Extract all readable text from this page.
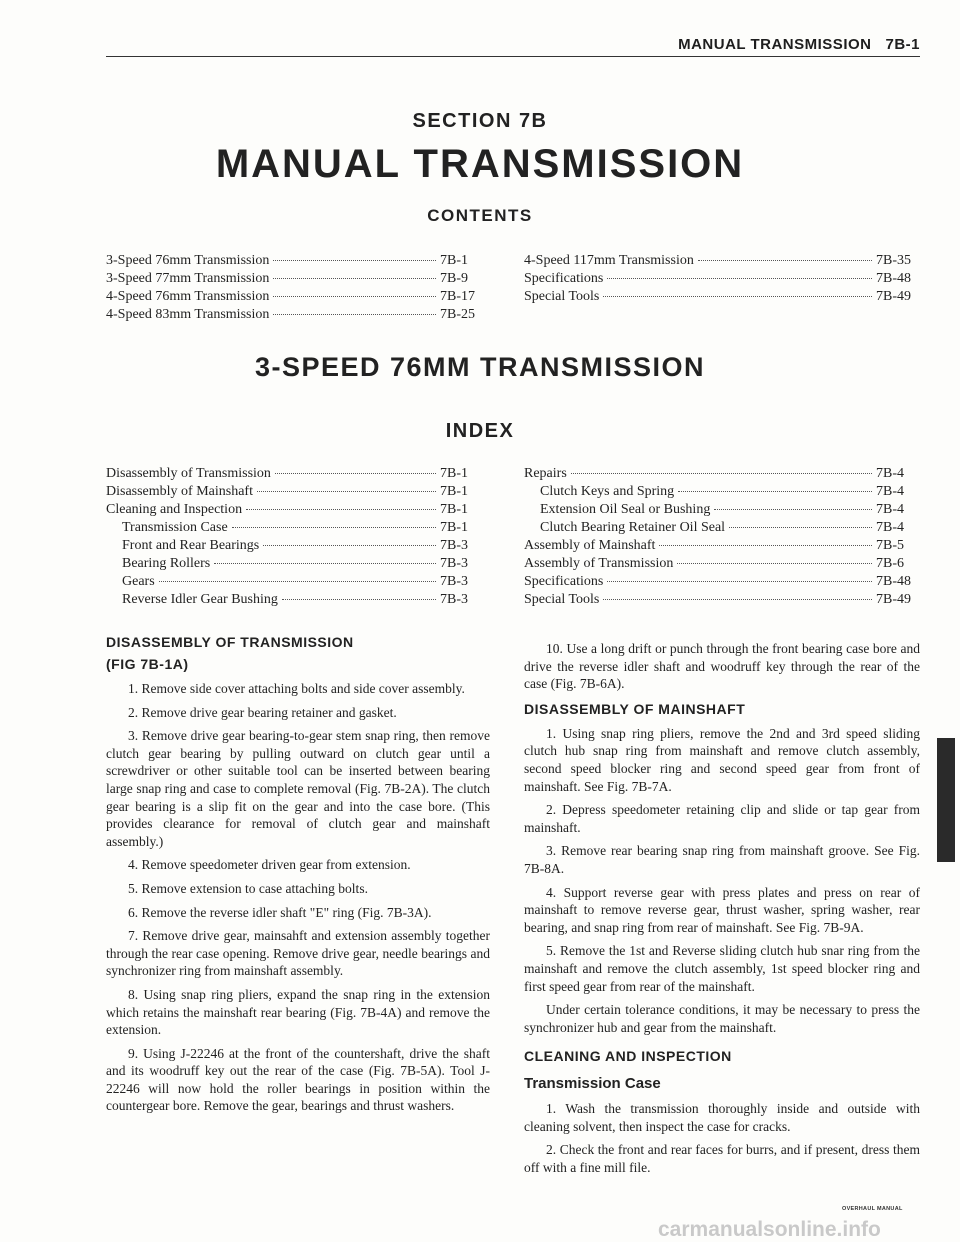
MANUAL TRANSMISSION 7B-1
SECTION 7B
MANUAL TRANSMISSION
CONTENTS
3-Speed 76mm Transmission	7B-1
3-Speed 77mm Transmission	7B-9
4-Speed 76mm Transmission	7B-17
4-Speed 83mm Transmission	7B-25
4-Speed 117mm Transmission	7B-35
Specifications	7B-48
Special Tools	7B-49
3-SPEED 76MM TRANSMISSION
INDEX
Disassembly of Transmission	7B-1
Disassembly of Mainshaft	7B-1
Cleaning and Inspection	7B-1
Transmission Case	7B-1
Front and Rear Bearings	7B-3
Bearing Rollers	7B-3
Gears	7B-3
Reverse Idler Gear Bushing	7B-3
Repairs	7B-4
Clutch Keys and Spring	7B-4
Extension Oil Seal or Bushing	7B-4
Clutch Bearing Retainer Oil Seal	7B-4
Assembly of Mainshaft	7B-5
Assembly of Transmission	7B-6
Specifications	7B-48
Special Tools	7B-49
DISASSEMBLY OF TRANSMISSION
(FIG 7B-1A)

1. Remove side cover attaching bolts and side cover assembly.

2. Remove drive gear bearing retainer and gasket.

3. Remove drive gear bearing-to-gear stem snap ring, then remove clutch gear bearing by pulling outward on clutch gear until a screwdriver or other suitable tool can be inserted between bearing large snap ring and case to complete removal (Fig. 7B-2A). The clutch gear bearing is a slip fit on the gear and into the case bore. (This provides clearance for removal of clutch gear and mainshaft assembly.)

4. Remove speedometer driven gear from extension.

5. Remove extension to case attaching bolts.

6. Remove the reverse idler shaft "E" ring (Fig. 7B-3A).

7. Remove drive gear, mainsahft and extension assembly together through the rear case opening. Remove drive gear, needle bearings and synchronizer ring from mainshaft assembly.

8. Using snap ring pliers, expand the snap ring in the extension which retains the mainshaft rear bearing (Fig. 7B-4A) and remove the extension.

9. Using J-22246 at the front of the countershaft, drive the shaft and its woodruff key out the rear of the case (Fig. 7B-5A). Tool J-22246 will now hold the roller bearings in position within the countergear bore. Remove the gear, bearings and thrust washers.

10. Use a long drift or punch through the front bearing case bore and drive the reverse idler shaft and woodruff key through the rear of the case (Fig. 7B-6A).

DISASSEMBLY OF MAINSHAFT

1. Using snap ring pliers, remove the 2nd and 3rd speed sliding clutch hub snap ring from mainshaft and remove clutch assembly, second speed blocker ring and second speed gear from front of mainshaft. See Fig. 7B-7A.

2. Depress speedometer retaining clip and slide or tap gear from mainshaft.

3. Remove rear bearing snap ring from mainshaft groove. See Fig. 7B-8A.

4. Support reverse gear with press plates and press on rear of mainshaft to remove reverse gear, thrust washer, spring washer, rear bearing, and snap ring from rear of mainshaft. See Fig. 7B-9A.

5. Remove the 1st and Reverse sliding clutch hub snar ring from the mainshaft and remove the clutch assembly, 1st speed blocker ring and first speed gear from rear of the mainshaft.

Under certain tolerance conditions, it may be necessary to press the synchronizer hub and gear from the mainshaft.

CLEANING AND INSPECTION
Transmission Case

1. Wash the transmission thoroughly inside and outside with cleaning solvent, then inspect the case for cracks.

2. Check the front and rear faces for burrs, and if present, dress them off with a fine mill file.

OVERHAUL MANUAL
carmanualsonline.info
